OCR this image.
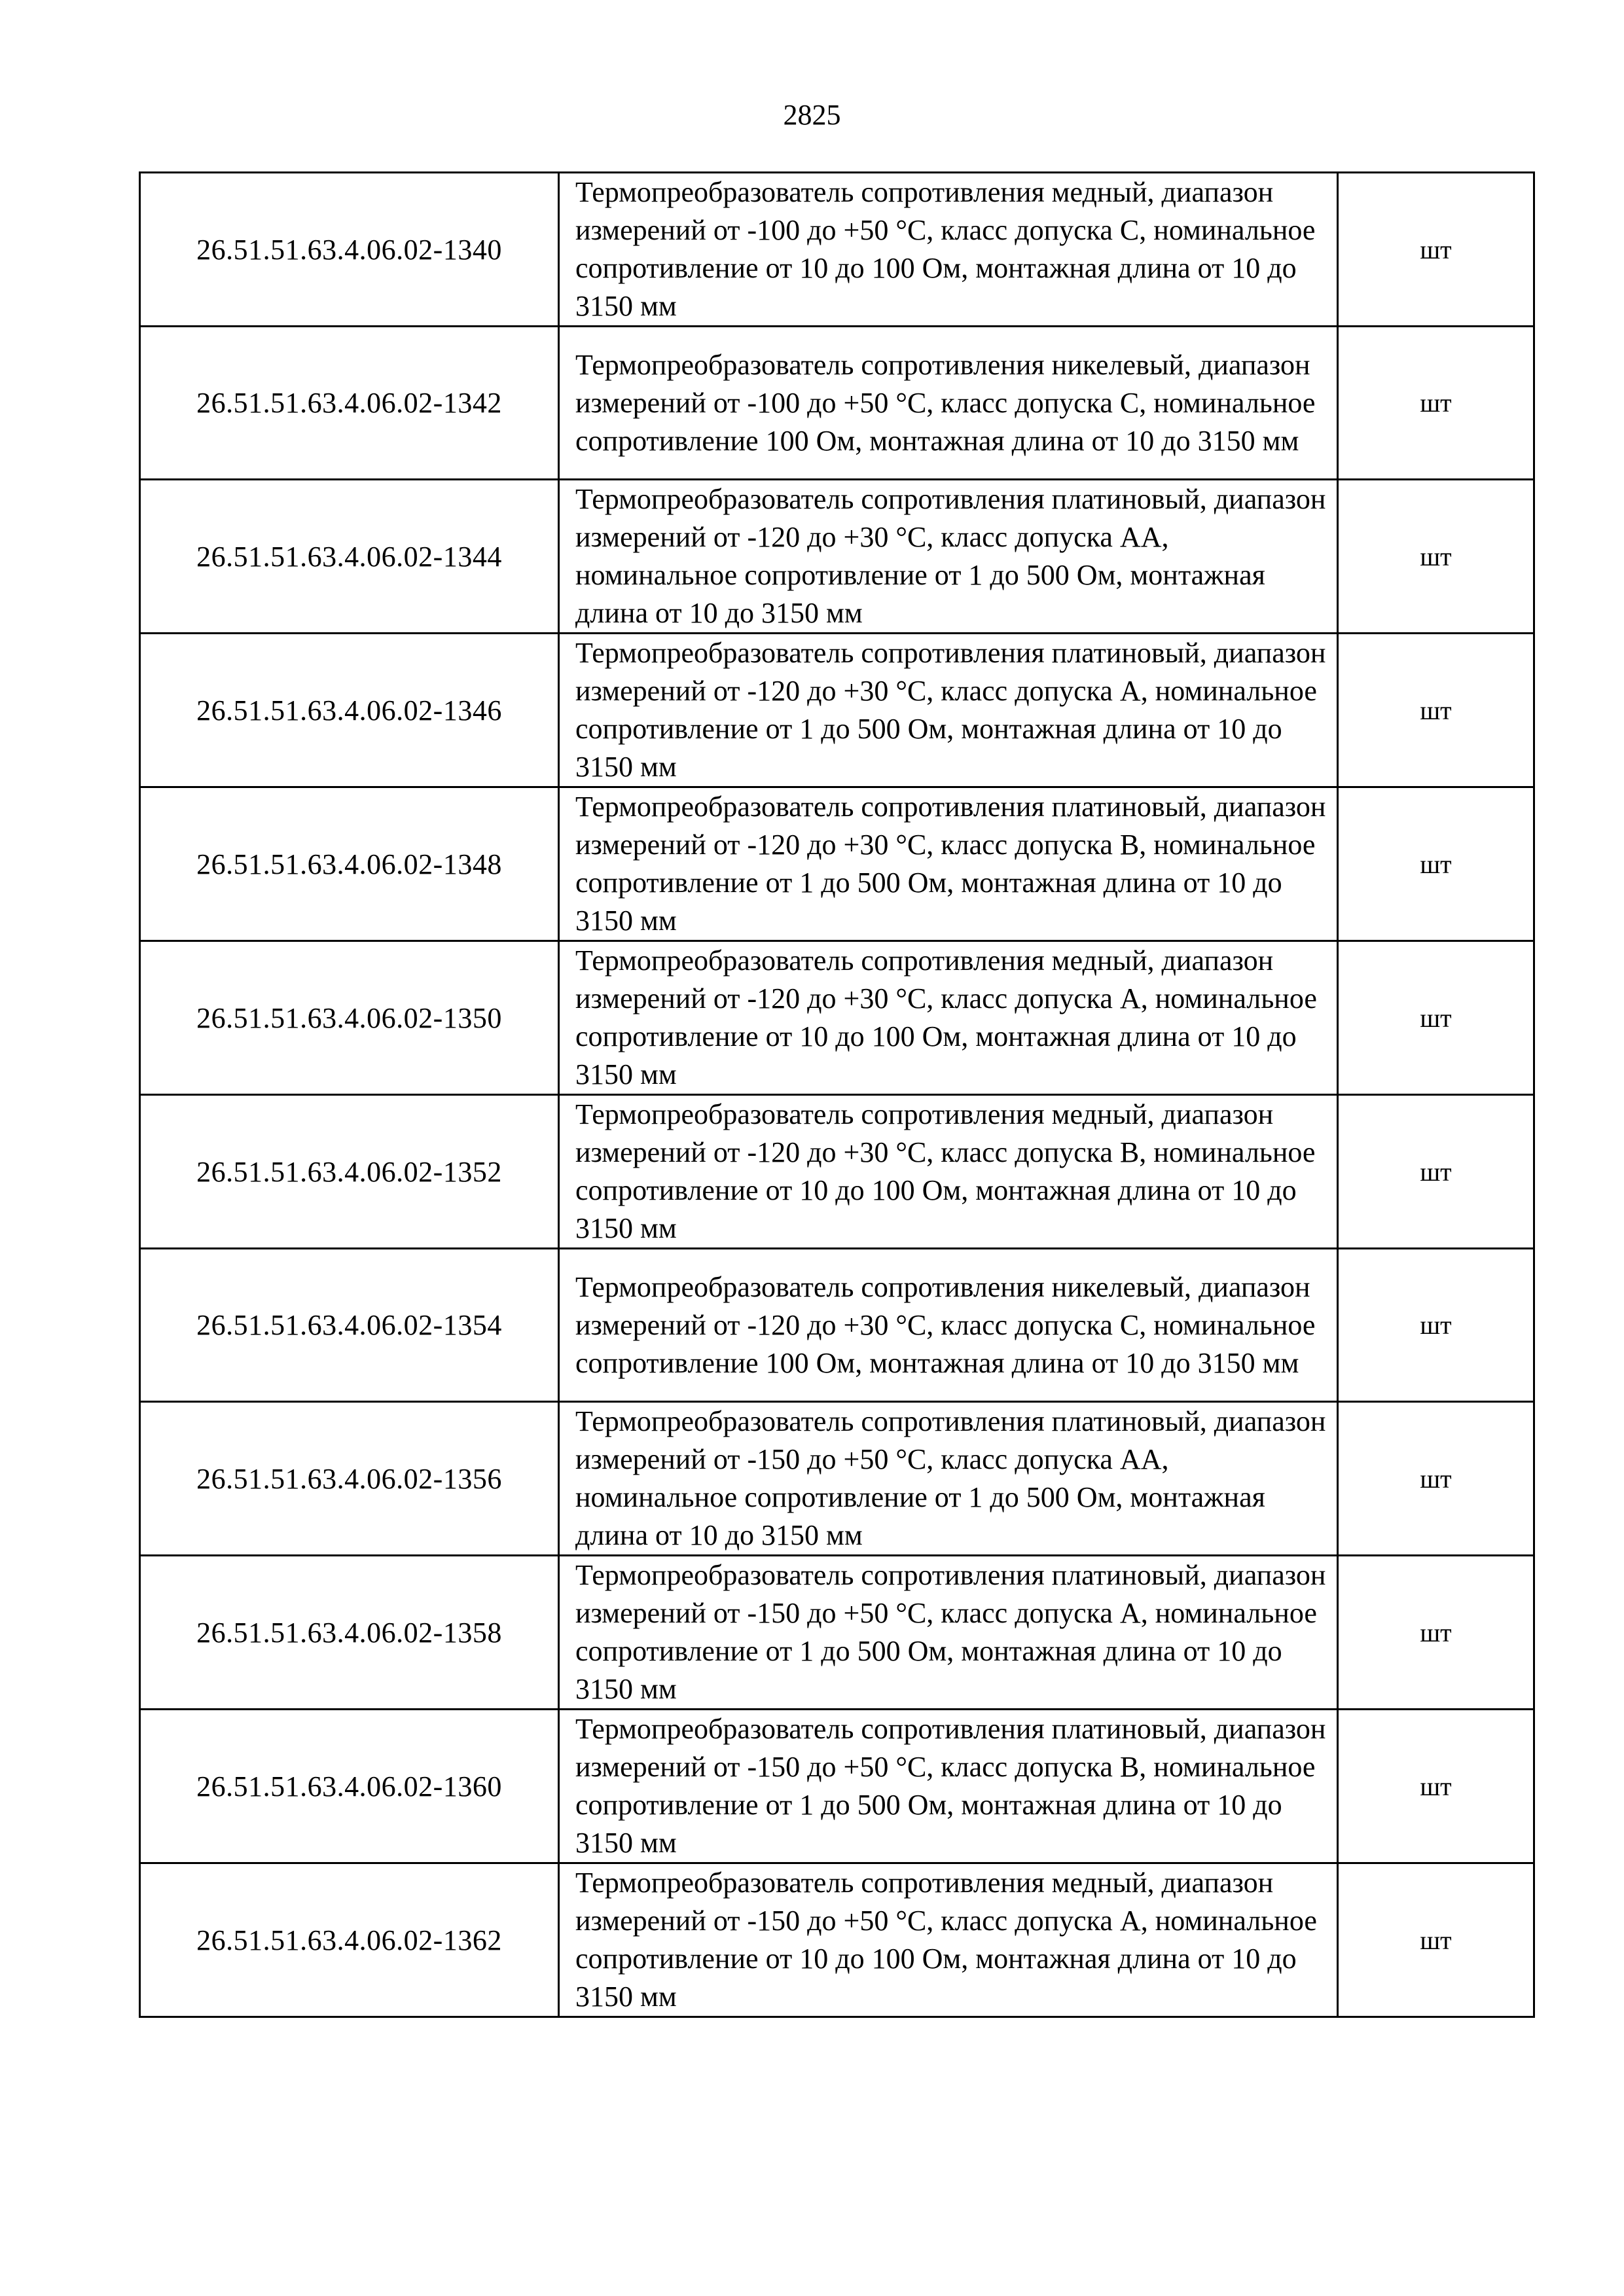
2825
26.51.51.63.4.06.02-1340	Термопреобразователь сопротивления медный, диапазон измерений от -100 до +50 °С, класс допуска С, номинальное сопротивление от 10 до 100 Ом, монтажная длина от 10 до 3150 мм	шт
26.51.51.63.4.06.02-1342	Термопреобразователь сопротивления никелевый, диапазон измерений от -100 до +50 °С, класс допуска С, номинальное сопротивление 100 Ом, монтажная длина от 10 до 3150 мм	шт
26.51.51.63.4.06.02-1344	Термопреобразователь сопротивления платиновый, диапазон измерений от -120 до +30 °С, класс допуска АА, номинальное сопротивление от 1 до 500 Ом, монтажная длина от 10 до 3150 мм	шт
26.51.51.63.4.06.02-1346	Термопреобразователь сопротивления платиновый, диапазон измерений от -120 до +30 °С, класс допуска А, номинальное сопротивление от 1 до 500 Ом, монтажная длина от 10 до 3150 мм	шт
26.51.51.63.4.06.02-1348	Термопреобразователь сопротивления платиновый, диапазон измерений от -120 до +30 °С, класс допуска В, номинальное сопротивление от 1 до 500 Ом, монтажная длина от 10 до 3150 мм	шт
26.51.51.63.4.06.02-1350	Термопреобразователь сопротивления медный, диапазон измерений от -120 до +30 °С, класс допуска А, номинальное сопротивление от 10 до 100 Ом, монтажная длина от 10 до 3150 мм	шт
26.51.51.63.4.06.02-1352	Термопреобразователь сопротивления медный, диапазон измерений от -120 до +30 °С, класс допуска В, номинальное сопротивление от 10 до 100 Ом, монтажная длина от 10 до 3150 мм	шт
26.51.51.63.4.06.02-1354	Термопреобразователь сопротивления никелевый, диапазон измерений от -120 до +30 °С, класс допуска С, номинальное сопротивление 100 Ом, монтажная длина от 10 до 3150 мм	шт
26.51.51.63.4.06.02-1356	Термопреобразователь сопротивления платиновый, диапазон измерений от -150 до +50 °С, класс допуска АА, номинальное сопротивление от 1 до 500 Ом, монтажная длина от 10 до 3150 мм	шт
26.51.51.63.4.06.02-1358	Термопреобразователь сопротивления платиновый, диапазон измерений от -150 до +50 °С, класс допуска А, номинальное сопротивление от 1 до 500 Ом, монтажная длина от 10 до 3150 мм	шт
26.51.51.63.4.06.02-1360	Термопреобразователь сопротивления платиновый, диапазон измерений от -150 до +50 °С, класс допуска В, номинальное сопротивление от 1 до 500 Ом, монтажная длина от 10 до 3150 мм	шт
26.51.51.63.4.06.02-1362	Термопреобразователь сопротивления медный, диапазон измерений от -150 до +50 °С, класс допуска А, номинальное сопротивление от 10 до 100 Ом, монтажная длина от 10 до 3150 мм	шт
